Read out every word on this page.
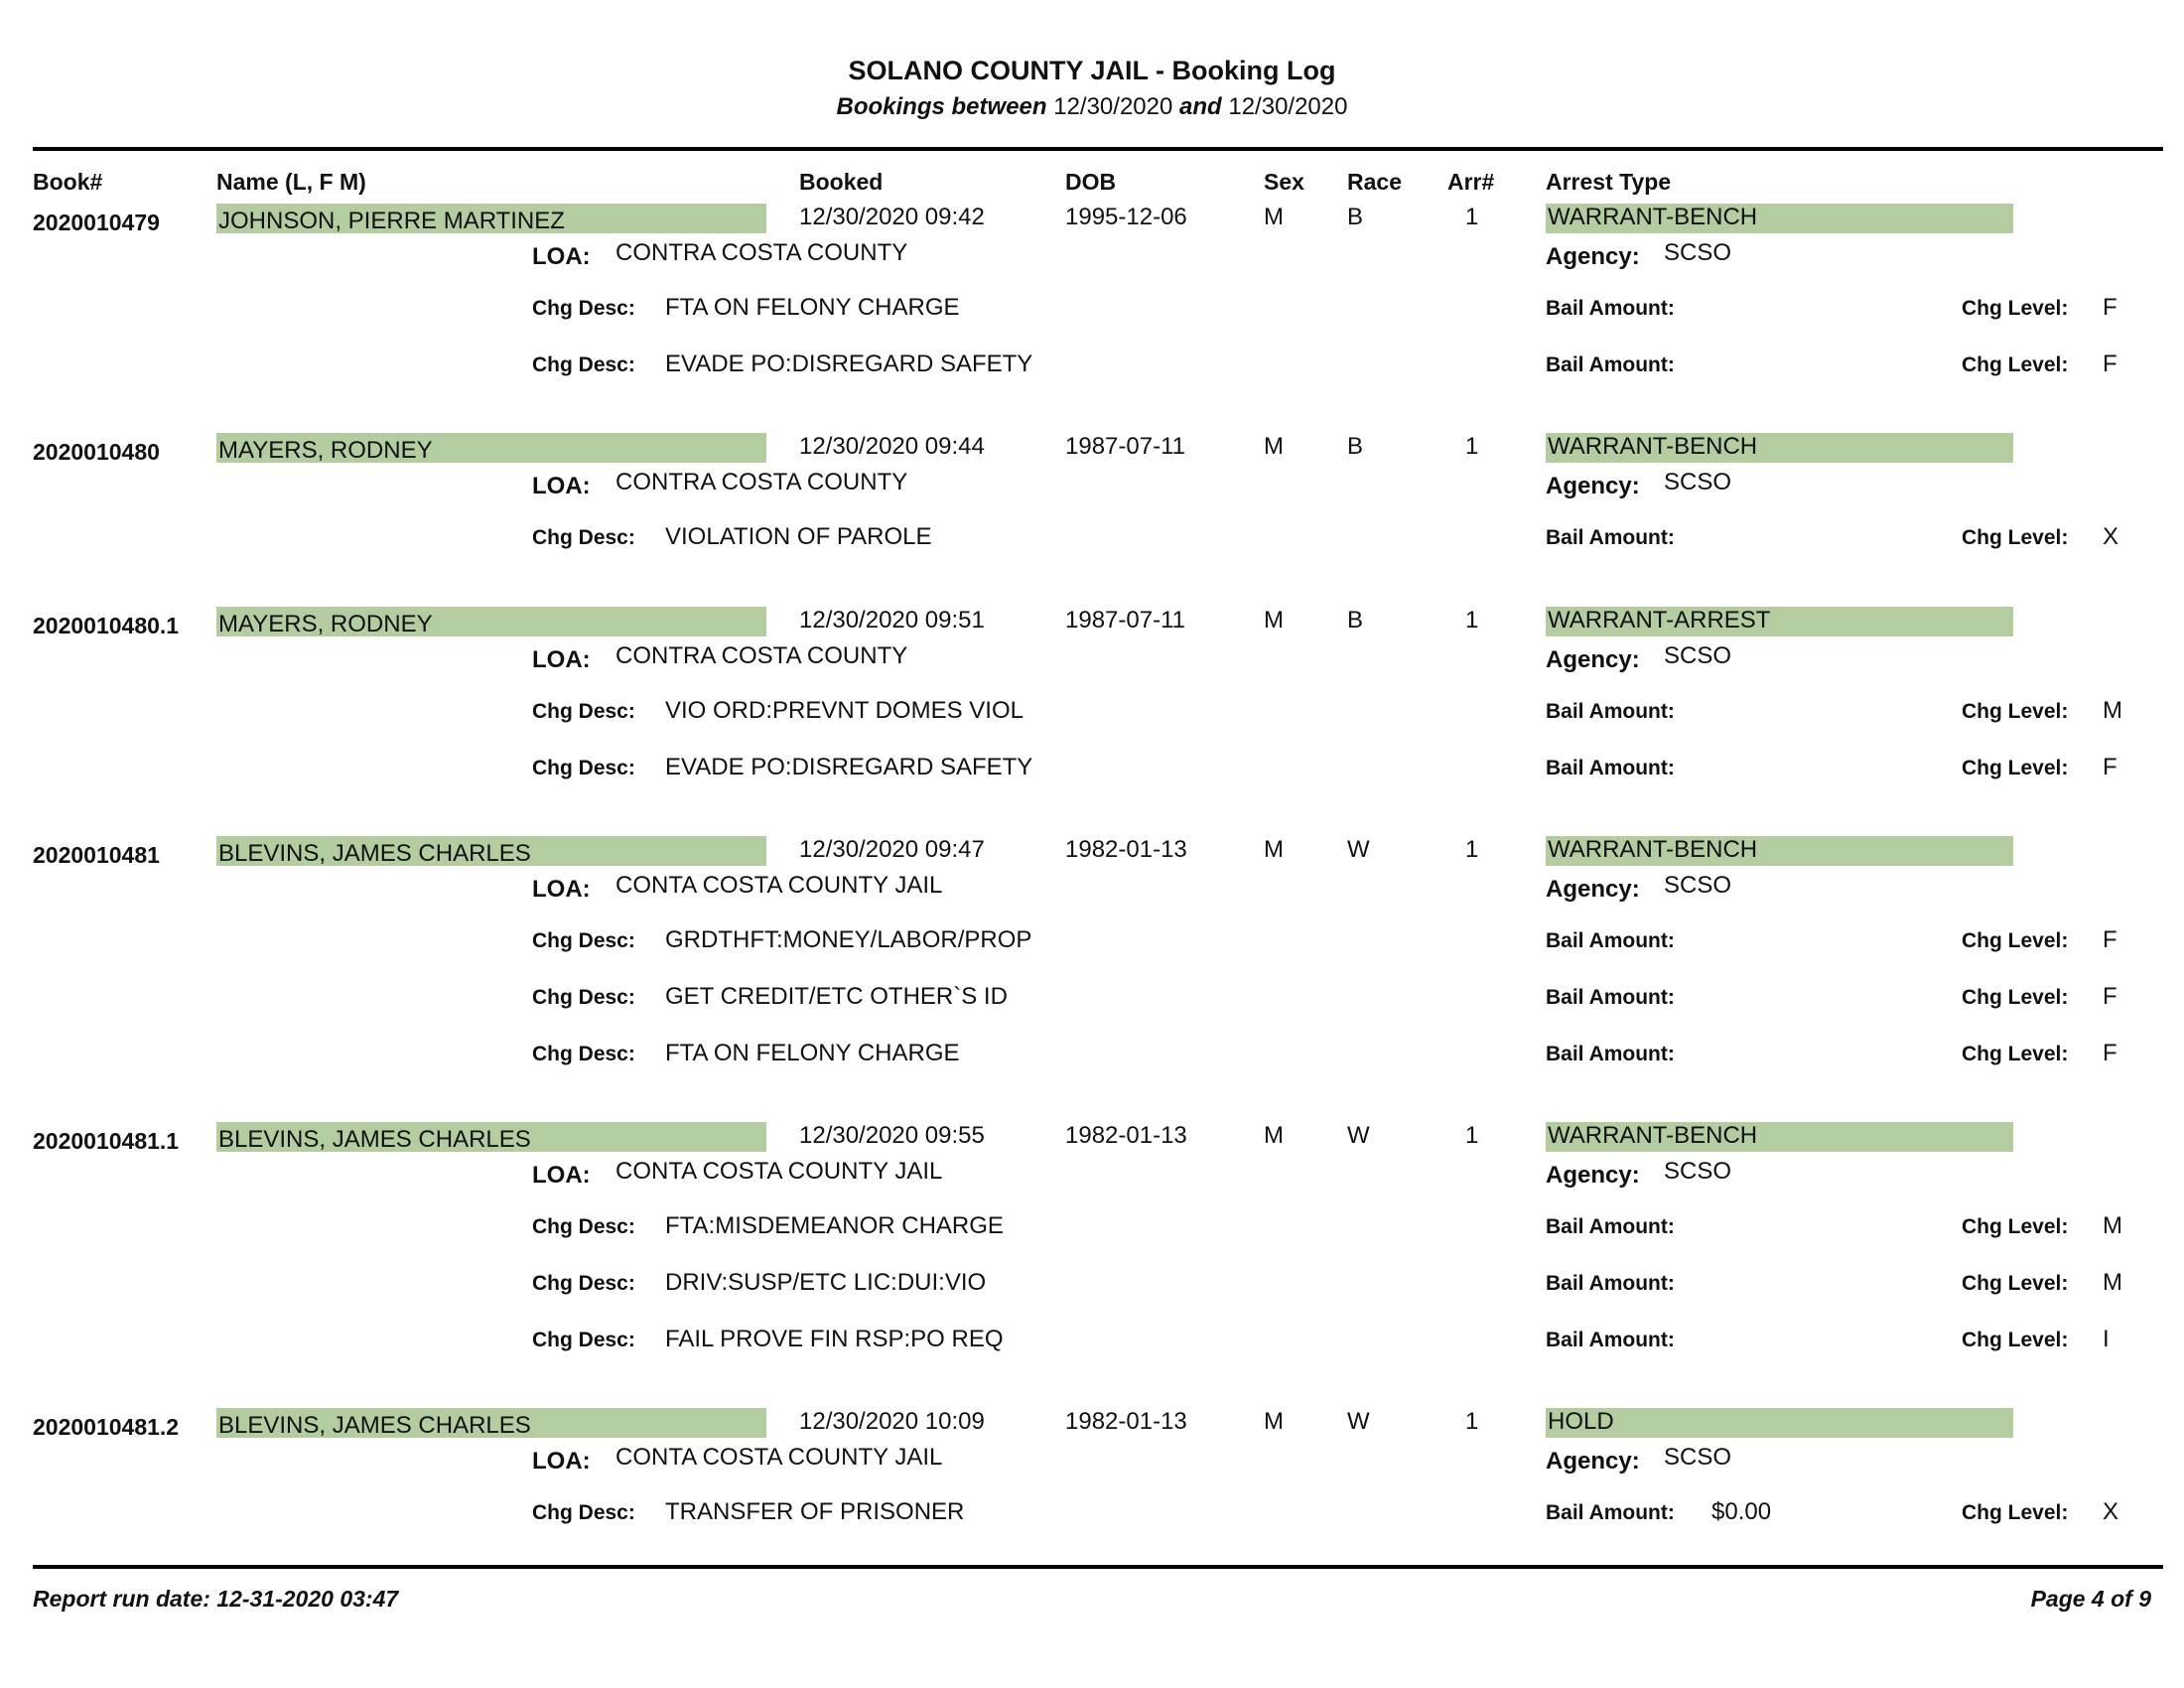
SOLANO COUNTY JAIL - Booking Log
Bookings between 12/30/2020 and 12/30/2020
Book#	Name (L, F M)	Booked	DOB	Sex Race Arr# Arrest Type
2020010479 JOHNSON, PIERRE MARTINEZ	12/30/2020 09:42	1995-12-06	M	B	1	WARRANT-BENCH
LOA: CONTRA COSTA COUNTY	Agency: SCSO
Chg Desc: FTA ON FELONY CHARGE	Bail Amount:	Chg Level: F
Chg Desc: EVADE PO:DISREGARD SAFETY	Bail Amount:	Chg Level: F
2020010480 MAYERS, RODNEY	12/30/2020 09:44	1987-07-11	M	B	1	WARRANT-BENCH
LOA: CONTRA COSTA COUNTY	Agency: SCSO
Chg Desc: VIOLATION OF PAROLE	Bail Amount:	Chg Level: X
2020010480.1 MAYERS, RODNEY	12/30/2020 09:51	1987-07-11	M	B	1	WARRANT-ARREST
LOA: CONTRA COSTA COUNTY	Agency: SCSO
Chg Desc: VIO ORD:PREVNT DOMES VIOL	Bail Amount:	Chg Level: M
Chg Desc: EVADE PO:DISREGARD SAFETY	Bail Amount:	Chg Level: F
2020010481 BLEVINS, JAMES CHARLES	12/30/2020 09:47	1982-01-13	M	W	1	WARRANT-BENCH
LOA: CONTA COSTA COUNTY JAIL	Agency: SCSO
Chg Desc: GRDTHFT:MONEY/LABOR/PROP	Bail Amount:	Chg Level: F
Chg Desc: GET CREDIT/ETC OTHER`S ID	Bail Amount:	Chg Level: F
Chg Desc: FTA ON FELONY CHARGE	Bail Amount:	Chg Level: F
2020010481.1 BLEVINS, JAMES CHARLES	12/30/2020 09:55	1982-01-13	M	W	1	WARRANT-BENCH
LOA: CONTA COSTA COUNTY JAIL	Agency: SCSO
Chg Desc: FTA:MISDEMEANOR CHARGE	Bail Amount:	Chg Level: M
Chg Desc: DRIV:SUSP/ETC LIC:DUI:VIO	Bail Amount:	Chg Level: M
Chg Desc: FAIL PROVE FIN RSP:PO REQ	Bail Amount:	Chg Level: I
2020010481.2 BLEVINS, JAMES CHARLES	12/30/2020 10:09	1982-01-13	M	W	1	HOLD
LOA: CONTA COSTA COUNTY JAIL	Agency: SCSO
Chg Desc: TRANSFER OF PRISONER	Bail Amount: $0.00	Chg Level: X
Report run date: 12-31-2020 03:47	Page 4 of 9
